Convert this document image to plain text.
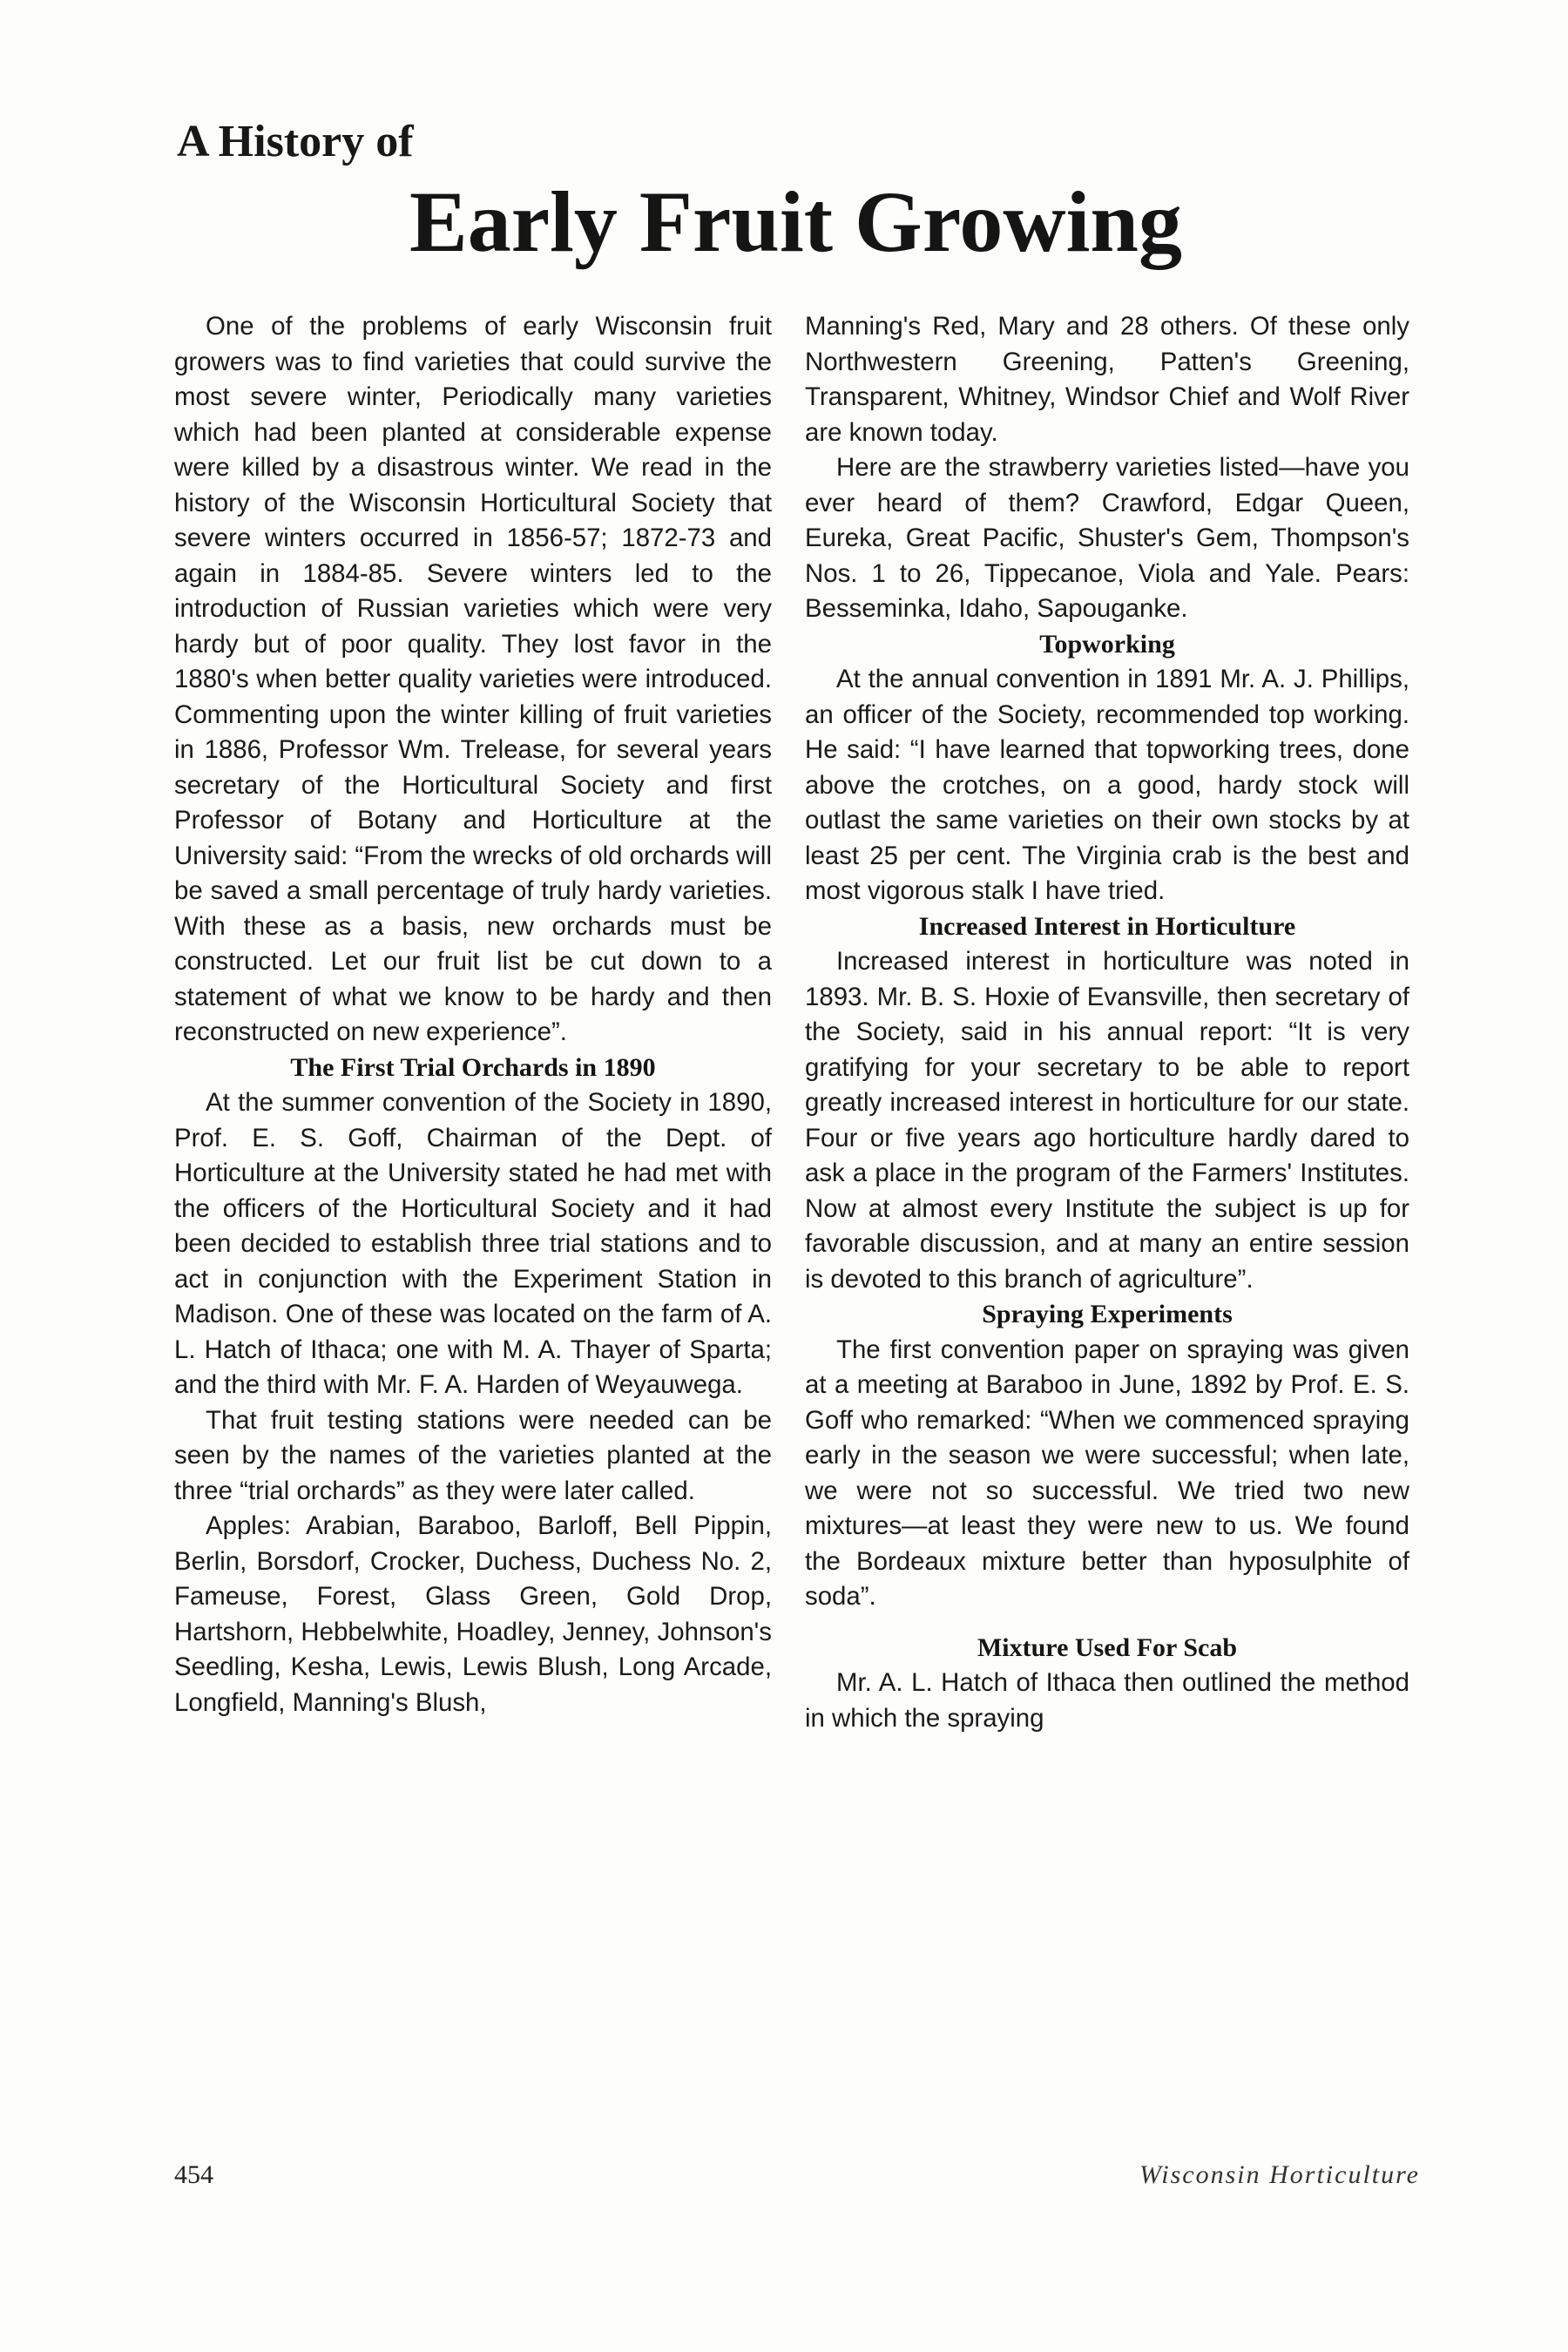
A History of
Early Fruit Growing

One of the problems of early Wisconsin fruit growers was to find varieties that could survive the most severe winter, Periodically many varieties which had been planted at considerable expense were killed by a disastrous winter. We read in the history of the Wisconsin Horticultural Society that severe winters occurred in 1856-57; 1872-73 and again in 1884-85. Severe winters led to the introduction of Russian varieties which were very hardy but of poor quality. They lost favor in the 1880's when better quality varieties were introduced. Commenting upon the winter killing of fruit varieties in 1886, Professor Wm. Trelease, for several years secretary of the Horticultural Society and first Professor of Botany and Horticulture at the University said: “From the wrecks of old orchards will be saved a small percentage of truly hardy varieties. With these as a basis, new orchards must be constructed. Let our fruit list be cut down to a statement of what we know to be hardy and then reconstructed on new experience”.

The First Trial Orchards in 1890

At the summer convention of the Society in 1890, Prof. E. S. Goff, Chairman of the Dept. of Horticulture at the University stated he had met with the officers of the Horticultural Society and it had been decided to establish three trial stations and to act in conjunction with the Experiment Station in Madison. One of these was located on the farm of A. L. Hatch of Ithaca; one with M. A. Thayer of Sparta; and the third with Mr. F. A. Harden of Weyauwega.

That fruit testing stations were needed can be seen by the names of the varieties planted at the three “trial orchards” as they were later called.

Apples: Arabian, Baraboo, Barloff, Bell Pippin, Berlin, Borsdorf, Crocker, Duchess, Duchess No. 2, Fameuse, Forest, Glass Green, Gold Drop, Hartshorn, Hebbelwhite, Hoadley, Jenney, Johnson's Seedling, Kesha, Lewis, Lewis Blush, Long Arcade, Longfield, Manning's Blush,

Manning's Red, Mary and 28 others. Of these only Northwestern Greening, Patten's Greening, Transparent, Whitney, Windsor Chief and Wolf River are known today.

Here are the strawberry varieties listed—have you ever heard of them? Crawford, Edgar Queen, Eureka, Great Pacific, Shuster's Gem, Thompson's Nos. 1 to 26, Tippecanoe, Viola and Yale. Pears: Besseminka, Idaho, Sapouganke.

Topworking

At the annual convention in 1891 Mr. A. J. Phillips, an officer of the Society, recommended top working. He said: “I have learned that topworking trees, done above the crotches, on a good, hardy stock will outlast the same varieties on their own stocks by at least 25 per cent. The Virginia crab is the best and most vigorous stalk I have tried.

Increased Interest in Horticulture

Increased interest in horticulture was noted in 1893. Mr. B. S. Hoxie of Evansville, then secretary of the Society, said in his annual report: “It is very gratifying for your secretary to be able to report greatly increased interest in horticulture for our state. Four or five years ago horticulture hardly dared to ask a place in the program of the Farmers' Institutes. Now at almost every Institute the subject is up for favorable discussion, and at many an entire session is devoted to this branch of agriculture”.

Spraying Experiments

The first convention paper on spraying was given at a meeting at Baraboo in June, 1892 by Prof. E. S. Goff who remarked: “When we commenced spraying early in the season we were successful; when late, we were not so successful. We tried two new mixtures—at least they were new to us. We found the Bordeaux mixture better than hyposulphite of soda”.

Mixture Used For Scab

Mr. A. L. Hatch of Ithaca then outlined the method in which the spraying

454	Wisconsin Horticulture
